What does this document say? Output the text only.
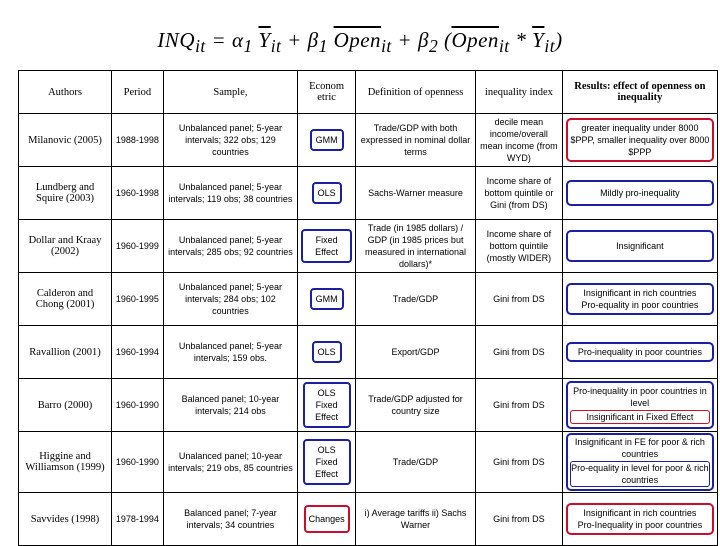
$INQ_{it} = \alpha_1$ $\overline{Y}_{it} + \beta_1$ Open$_{it}$ + $\beta_2$ (Open$_{it}$ * $\overline{Y}_{it}$)
Authors	Period	Sample,	Econom etric	Definition of openness	inequality index	Results: effect of openness on inequality
Milanovic (2005)	1988-1998	Unbalanced panel; 5-year intervals; 322 obs; 129 countries	GMM	Trade/GDP with both expressed in nominal dollar terms	decile mean income/overall mean income (from WYD)	greater inequality under 8000 $PPP, smaller inequality over 8000 $PPP

Lundberg and Squire (2003)	1960-1998	Unbalanced panel; 5-year intervals; 119 obs; 38 countries	OLS	Sachs-Warner measure	Income share of bottom quintile or Gini (from DS)	Mildly pro-inequality

Dollar and Kraay (2002)	1960-1999	Unbalanced panel; 5-year intervals; 285 obs; 92 countries	Fixed Effect	Trade (in 1985 dollars) / GDP (in 1985 prices but measured in international dollars)*	Income share of bottom quintile (mostly WIDER)	Insignificant

Calderon and Chong (2001)	1960-1995	Unbalanced panel; 5-year intervals; 284 obs; 102 countries	GMM	Trade/GDP	Gini from DS	Insignificant in rich countries
Pro-equality in poor countries

Ravallion (2001)	1960-1994	Unbalanced panel; 5-year intervals; 159 obs.	OLS	Export/GDP	Gini from DS	Pro-inequality in poor countries

Barro (2000)	1960-1990	Balanced panel; 10-year intervals; 214 obs	OLS Fixed Effect	Trade/GDP adjusted for country size	Gini from DS	Pro-inequality in poor countries in level
Insignificant in Fixed Effect

Higgine and Williamson (1999)	1960-1990	Unalanced panel; 10-year intervals; 219 obs, 85 countries	OLS Fixed Effect	Trade/GDP	Gini from DS	Insignificant in FE for poor & rich countries
Pro-equality in level for poor & rich countries

Savvides (1998)	1978-1994	Balanced panel; 7-year intervals; 34 countries	Changes	i) Average tariffs ii) Sachs Warner	Gini from DS	Insignificant in rich countries
Pro-Inequality in poor countries
